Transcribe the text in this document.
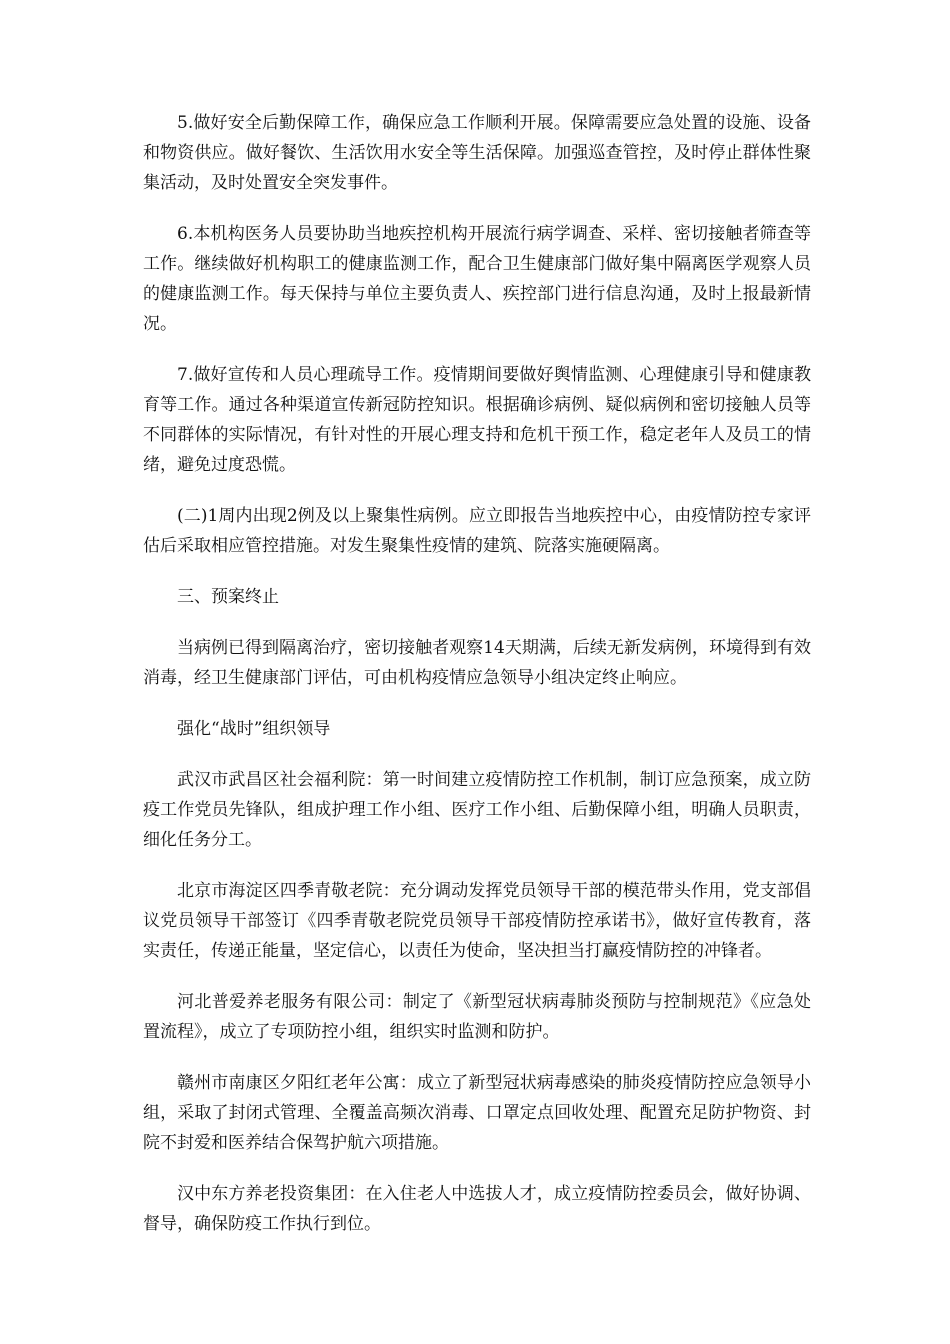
5.做好安全后勤保障工作，确保应急工作顺利开展。保障需要应急处置的设施、设备和物资供应。做好餐饮、生活饮用水安全等生活保障。加强巡查管控，及时停止群体性聚集活动，及时处置安全突发事件。

6.本机构医务人员要协助当地疾控机构开展流行病学调查、采样、密切接触者筛查等工作。继续做好机构职工的健康监测工作，配合卫生健康部门做好集中隔离医学观察人员的健康监测工作。每天保持与单位主要负责人、疾控部门进行信息沟通，及时上报最新情况。

7.做好宣传和人员心理疏导工作。疫情期间要做好舆情监测、心理健康引导和健康教育等工作。通过各种渠道宣传新冠防控知识。根据确诊病例、疑似病例和密切接触人员等不同群体的实际情况，有针对性的开展心理支持和危机干预工作，稳定老年人及员工的情绪，避免过度恐慌。

(二)1周内出现2例及以上聚集性病例。应立即报告当地疾控中心，由疫情防控专家评估后采取相应管控措施。对发生聚集性疫情的建筑、院落实施硬隔离。

三、预案终止

当病例已得到隔离治疗，密切接触者观察14天期满，后续无新发病例，环境得到有效消毒，经卫生健康部门评估，可由机构疫情应急领导小组决定终止响应。

强化“战时”组织领导

武汉市武昌区社会福利院：第一时间建立疫情防控工作机制，制订应急预案，成立防疫工作党员先锋队，组成护理工作小组、医疗工作小组、后勤保障小组，明确人员职责，细化任务分工。

北京市海淀区四季青敬老院：充分调动发挥党员领导干部的模范带头作用，党支部倡议党员领导干部签订《四季青敬老院党员领导干部疫情防控承诺书》，做好宣传教育，落实责任，传递正能量，坚定信心，以责任为使命，坚决担当打赢疫情防控的冲锋者。

河北普爱养老服务有限公司：制定了《新型冠状病毒肺炎预防与控制规范》《应急处置流程》，成立了专项防控小组，组织实时监测和防护。

赣州市南康区夕阳红老年公寓：成立了新型冠状病毒感染的肺炎疫情防控应急领导小组，采取了封闭式管理、全覆盖高频次消毒、口罩定点回收处理、配置充足防护物资、封院不封爱和医养结合保驾护航六项措施。

汉中东方养老投资集团：在入住老人中选拔人才，成立疫情防控委员会，做好协调、督导，确保防疫工作执行到位。
